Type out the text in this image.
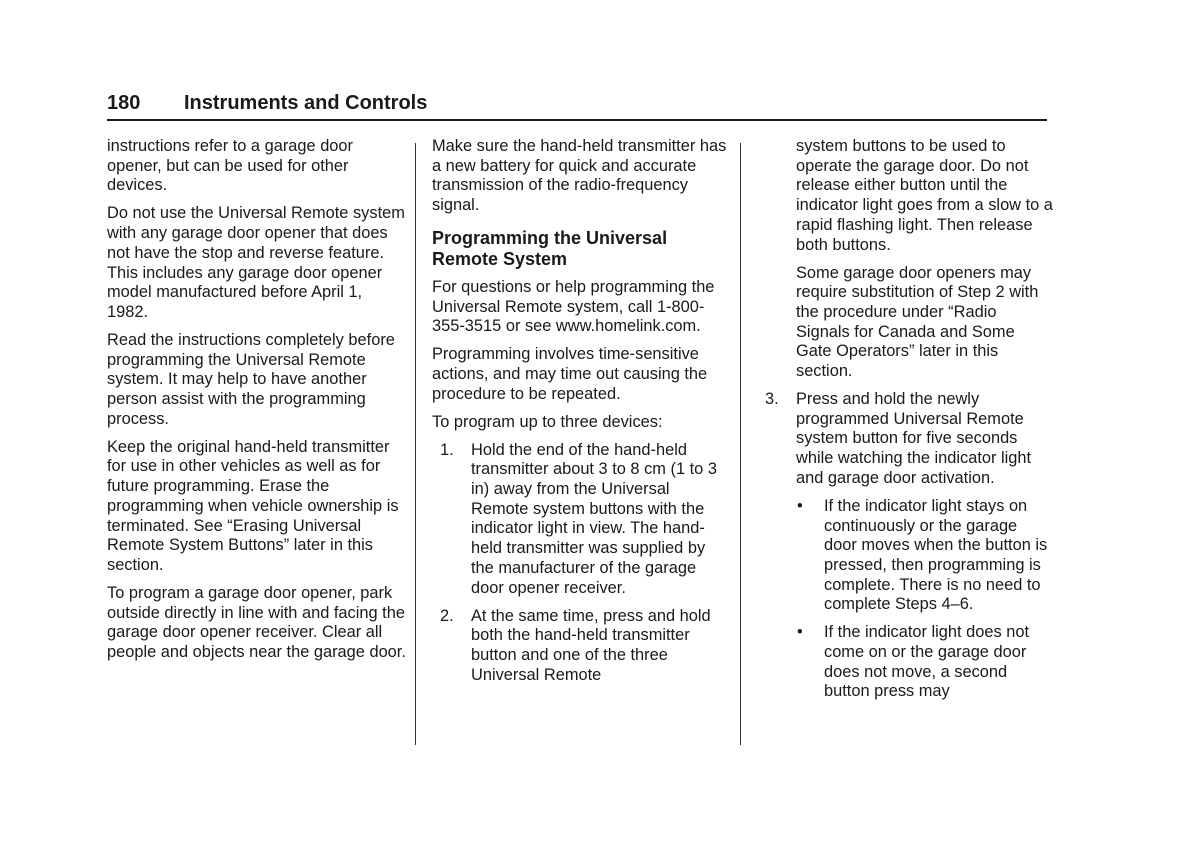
180 Instruments and Controls

instructions refer to a garage door opener, but can be used for other devices.

Do not use the Universal Remote system with any garage door opener that does not have the stop and reverse feature. This includes any garage door opener model manufactured before April 1, 1982.

Read the instructions completely before programming the Universal Remote system. It may help to have another person assist with the programming process.

Keep the original hand-held transmitter for use in other vehicles as well as for future programming. Erase the programming when vehicle ownership is terminated. See “Erasing Universal Remote System Buttons” later in this section.

To program a garage door opener, park outside directly in line with and facing the garage door opener receiver. Clear all people and objects near the garage door.

Make sure the hand-held transmitter has a new battery for quick and accurate transmission of the radio-frequency signal.

Programming the Universal Remote System

For questions or help programming the Universal Remote system, call 1-800-355-3515 or see www.homelink.com.

Programming involves time-sensitive actions, and may time out causing the procedure to be repeated.

To program up to three devices:

1. Hold the end of the hand-held transmitter about 3 to 8 cm (1 to 3 in) away from the Universal Remote system buttons with the indicator light in view. The hand-held transmitter was supplied by the manufacturer of the garage door opener receiver.
2. At the same time, press and hold both the hand-held transmitter button and one of the three Universal Remote

system buttons to be used to operate the garage door. Do not release either button until the indicator light goes from a slow to a rapid flashing light. Then release both buttons.

Some garage door openers may require substitution of Step 2 with the procedure under “Radio Signals for Canada and Some Gate Operators” later in this section.

3. Press and hold the newly programmed Universal Remote system button for five seconds while watching the indicator light and garage door activation.
• If the indicator light stays on continuously or the garage door moves when the button is pressed, then programming is complete. There is no need to complete Steps 4–6.
• If the indicator light does not come on or the garage door does not move, a second button press may
